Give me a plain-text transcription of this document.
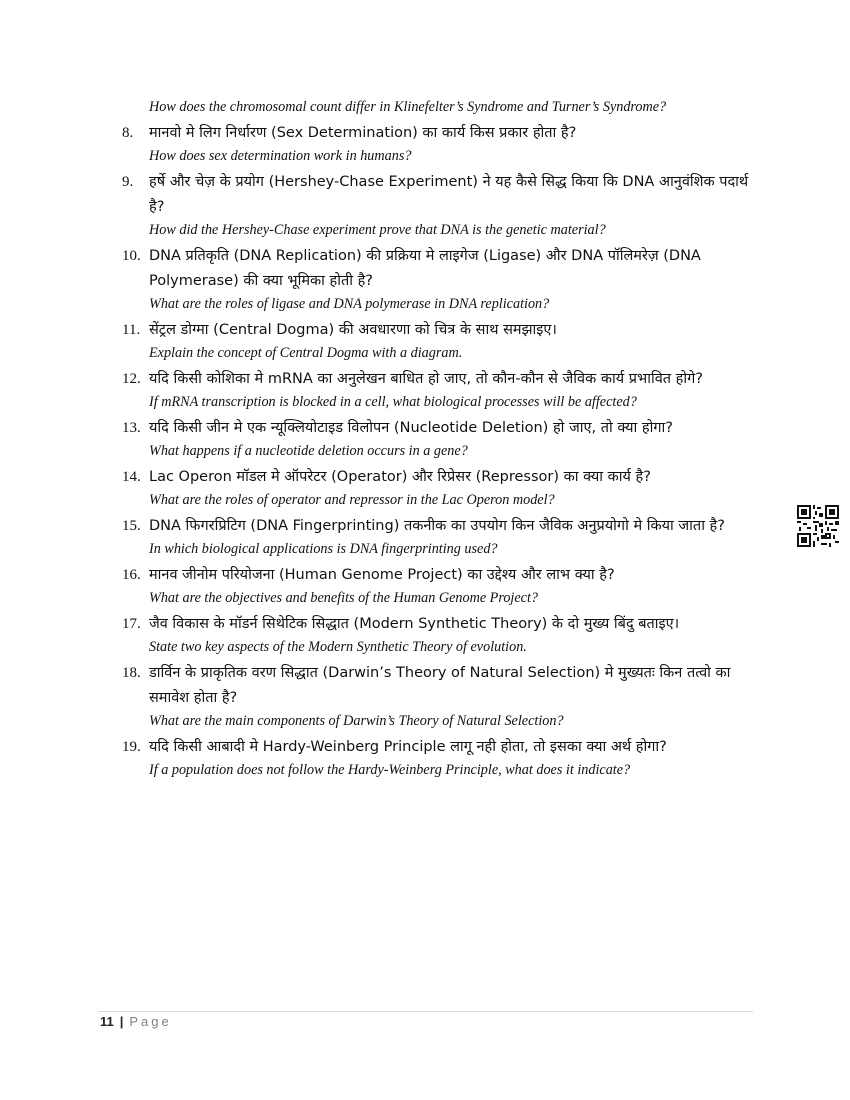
How does the chromosomal count differ in Klinefelter’s Syndrome and Turner’s Syndrome?
8.	मानवो मे लिग निर्धारण (Sex Determination) का कार्य किस प्रकार होता है?
How does sex determination work in humans?
9.	हर्षे और चेज़ के प्रयोग (Hershey-Chase Experiment) ने यह कैसे सिद्ध किया कि DNA आनुवंशिक पदार्थ है?
How did the Hershey-Chase experiment prove that DNA is the genetic material?
10. DNA प्रतिकृति (DNA Replication) की प्रक्रिया मे लाइगेज (Ligase) और DNA पॉलिमरेज़ (DNA Polymerase) की क्या भूमिका होती है?
What are the roles of ligase and DNA polymerase in DNA replication?
11. सेंट्रल डोग्मा (Central Dogma) की अवधारणा को चित्र के साथ समझाइए।
Explain the concept of Central Dogma with a diagram.
12. यदि किसी कोशिका मे mRNA का अनुलेखन बाधित हो जाए, तो कौन-कौन से जैविक कार्य प्रभावित होगे?
If mRNA transcription is blocked in a cell, what biological processes will be affected?
13. यदि किसी जीन मे एक न्यूक्लियोटाइड विलोपन (Nucleotide Deletion) हो जाए, तो क्या होगा?
What happens if a nucleotide deletion occurs in a gene?
14. Lac Operon मॉडल मे ऑपरेटर (Operator) और रिप्रेसर (Repressor) का क्या कार्य है?
What are the roles of operator and repressor in the Lac Operon model?
15. DNA फिगरप्रिटिग (DNA Fingerprinting) तकनीक का उपयोग किन जैविक अनुप्रयोगो मे किया जाता है?
In which biological applications is DNA fingerprinting used?
16. मानव जीनोम परियोजना (Human Genome Project) का उद्देश्य और लाभ क्या है?
What are the objectives and benefits of the Human Genome Project?
17. जैव विकास के मॉडर्न सिथेटिक सिद्धात (Modern Synthetic Theory) के दो मुख्य बिंदु बताइए।
State two key aspects of the Modern Synthetic Theory of evolution.
18. डार्विन के प्राकृतिक वरण सिद्धात (Darwin’s Theory of Natural Selection) मे मुख्यतः किन तत्वो का समावेश होता है?
What are the main components of Darwin’s Theory of Natural Selection?
19. यदि किसी आबादी मे Hardy-Weinberg Principle लागू नही होता, तो इसका क्या अर्थ होगा?
If a population does not follow the Hardy-Weinberg Principle, what does it indicate?
11 | Page
